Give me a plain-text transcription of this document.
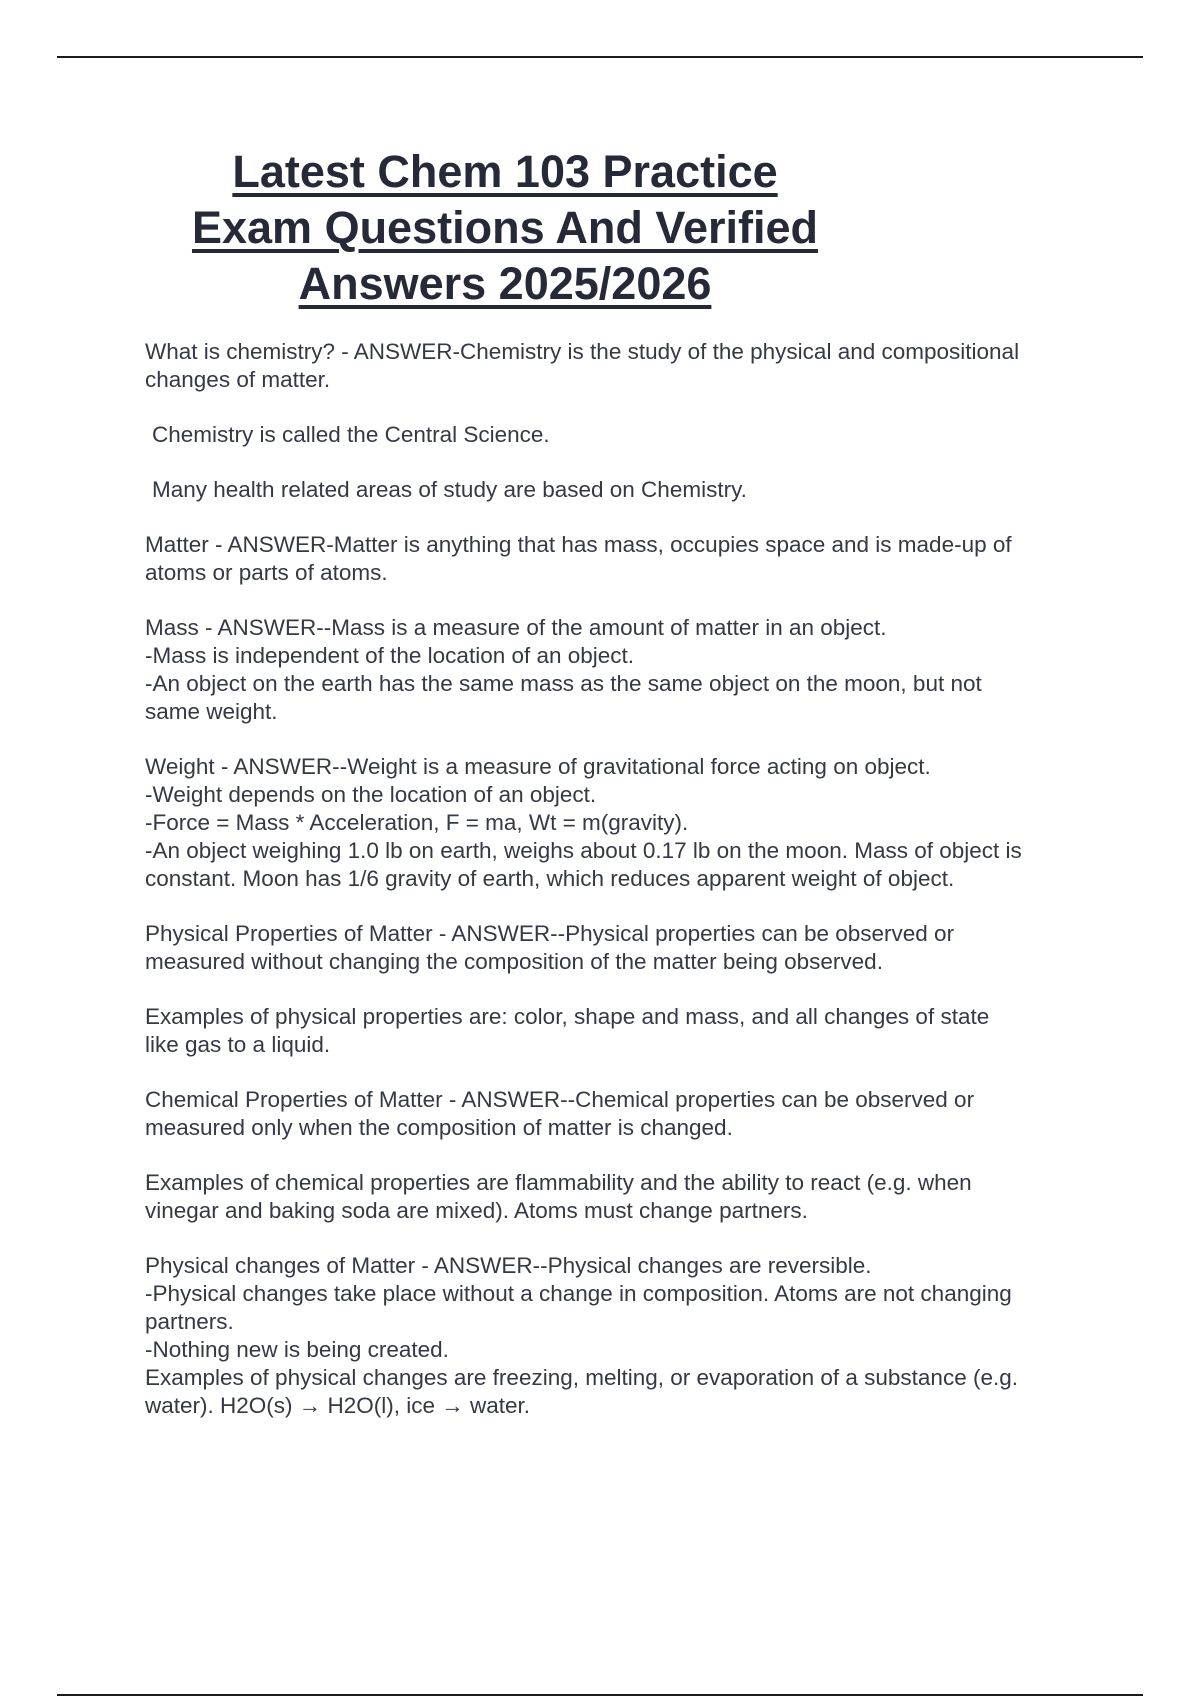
Latest Chem 103 Practice
Exam Questions And Verified
Answers 2025/2026

What is chemistry? - ANSWER-Chemistry is the study of the physical and compositional
changes of matter.

Chemistry is called the Central Science.

Many health related areas of study are based on Chemistry.

Matter - ANSWER-Matter is anything that has mass, occupies space and is made-up of
atoms or parts of atoms.

Mass - ANSWER--Mass is a measure of the amount of matter in an object.
-Mass is independent of the location of an object.
-An object on the earth has the same mass as the same object on the moon, but not
same weight.

Weight - ANSWER--Weight is a measure of gravitational force acting on object.
-Weight depends on the location of an object.
-Force = Mass * Acceleration, F = ma, Wt = m(gravity).
-An object weighing 1.0 lb on earth, weighs about 0.17 lb on the moon. Mass of object is
constant. Moon has 1/6 gravity of earth, which reduces apparent weight of object.

Physical Properties of Matter - ANSWER--Physical properties can be observed or
measured without changing the composition of the matter being observed.

Examples of physical properties are: color, shape and mass, and all changes of state
like gas to a liquid.

Chemical Properties of Matter - ANSWER--Chemical properties can be observed or
measured only when the composition of matter is changed.

Examples of chemical properties are flammability and the ability to react (e.g. when
vinegar and baking soda are mixed). Atoms must change partners.

Physical changes of Matter - ANSWER--Physical changes are reversible.
-Physical changes take place without a change in composition. Atoms are not changing
partners.
-Nothing new is being created.
Examples of physical changes are freezing, melting, or evaporation of a substance (e.g.
water). H2O(s) → H2O(l), ice → water.
